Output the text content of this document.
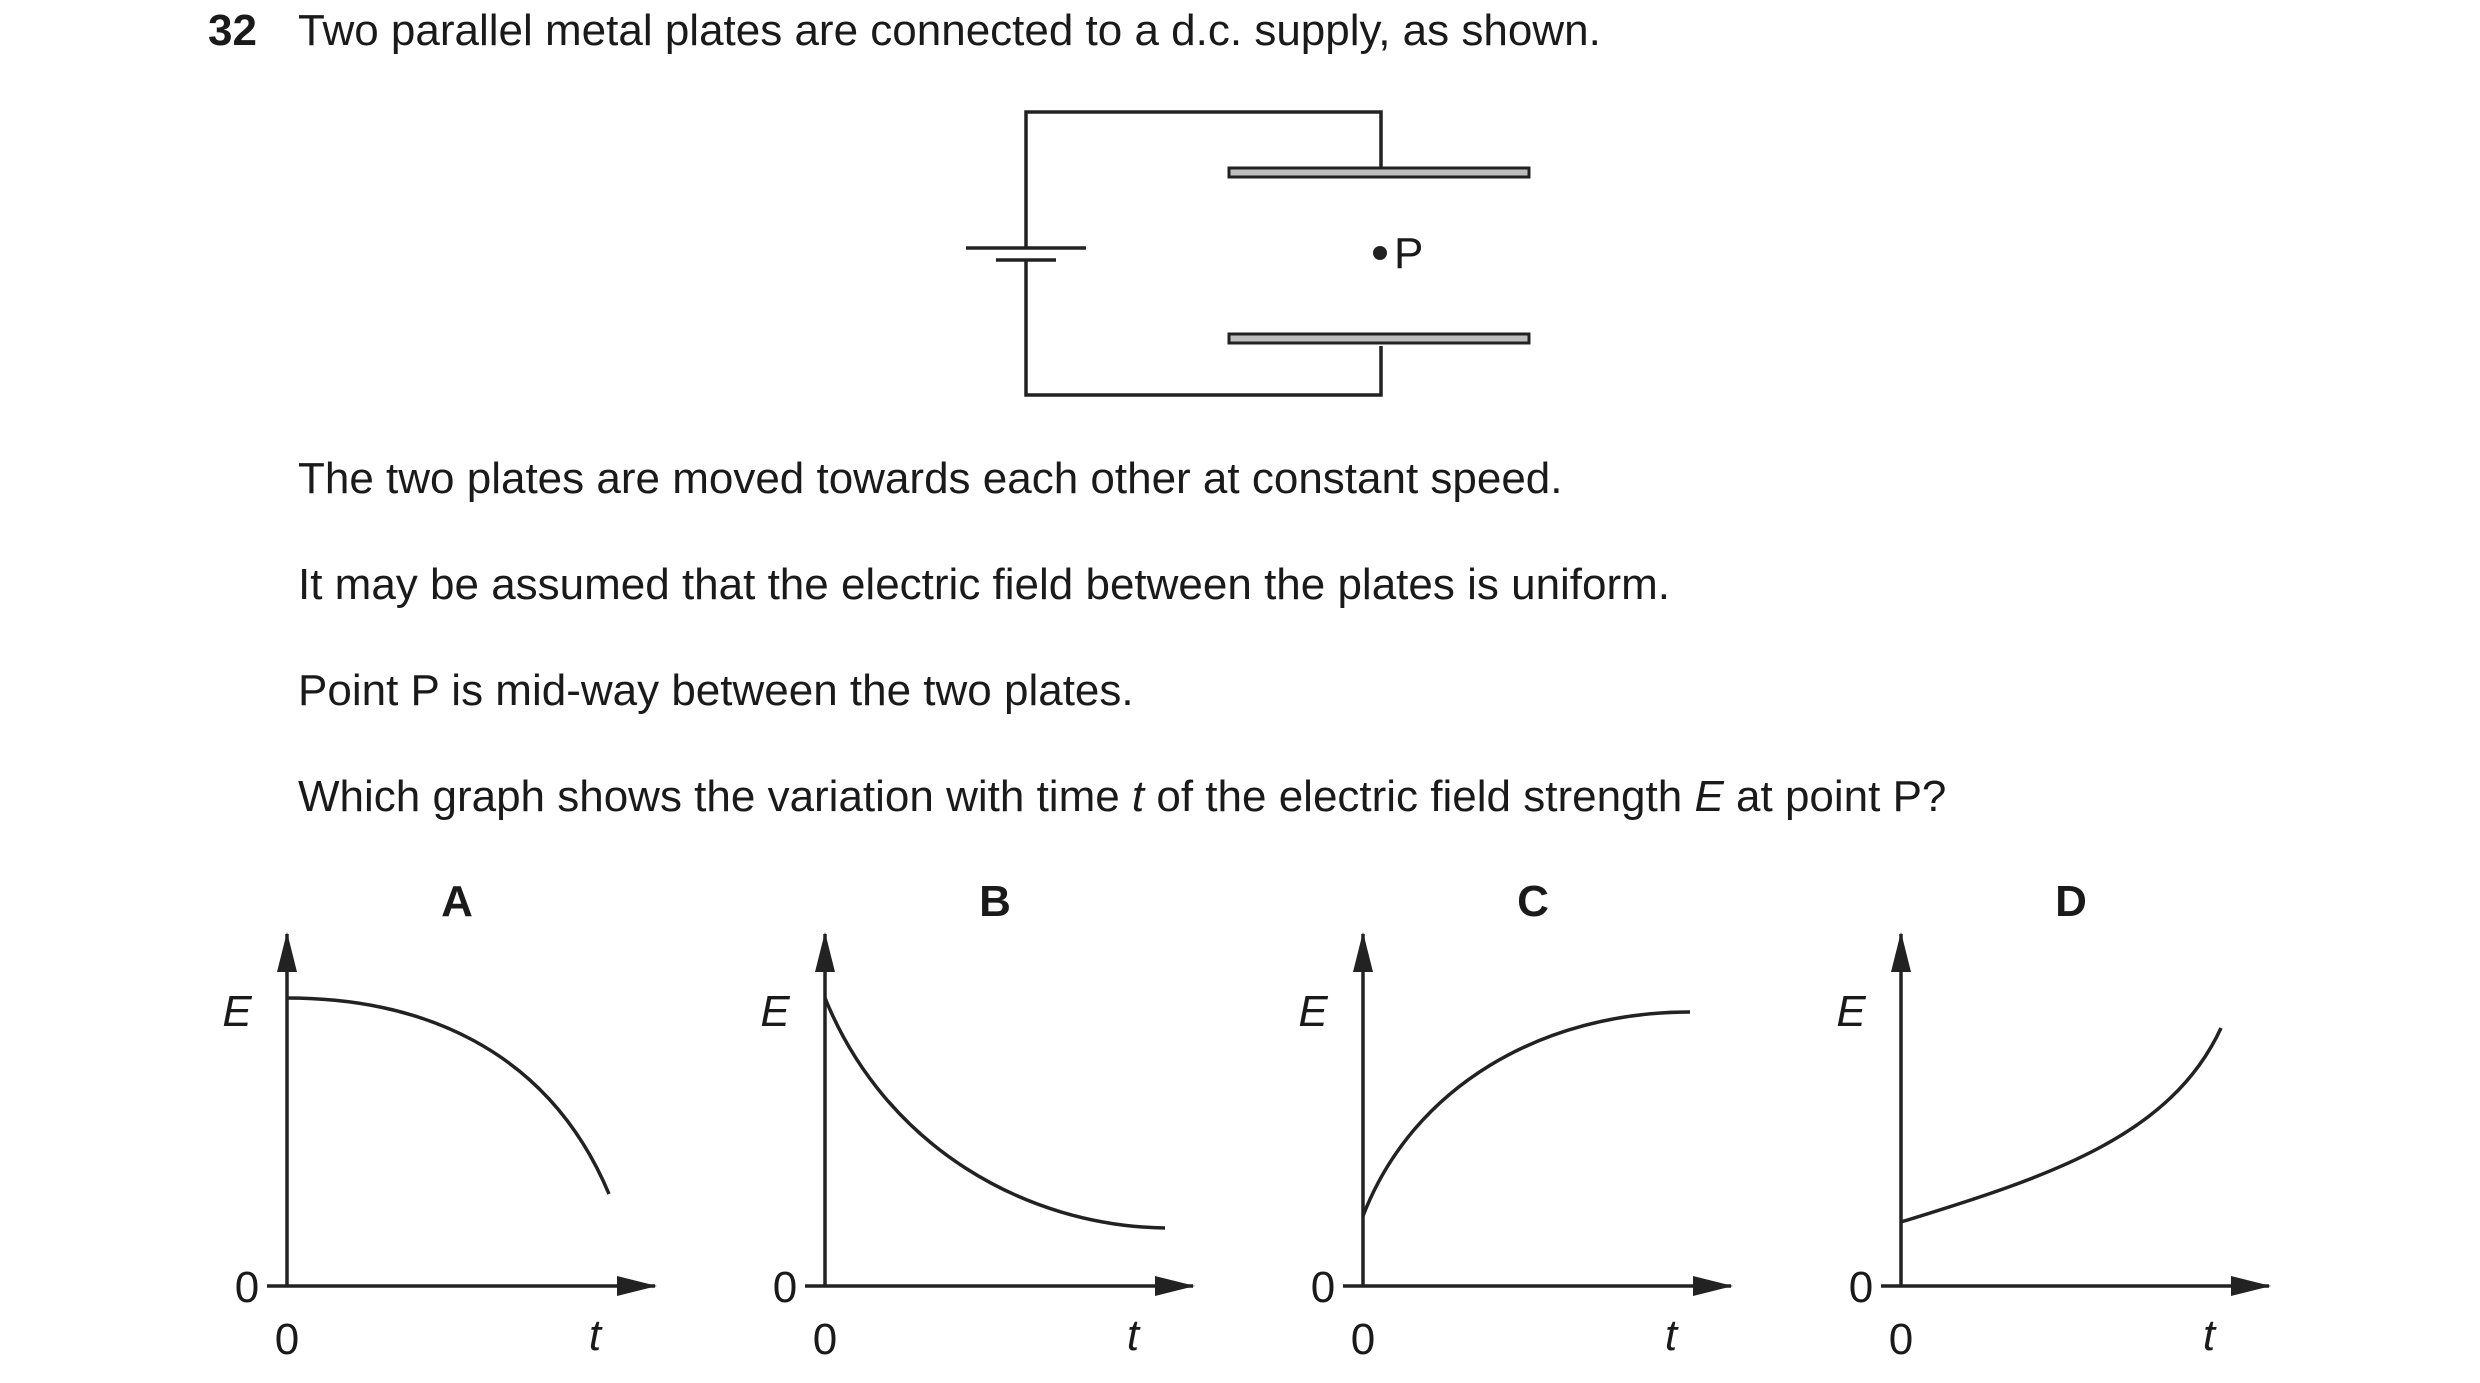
32 Two parallel metal plates are connected to a d.c. supply, as shown.
The two plates are moved towards each other at constant speed.
It may be assumed that the electric field between the plates is uniform.
Point P is mid-way between the two plates.
Which graph shows the variation with time t of the electric field strength E at point P?
P
A
E
0
0	t
B
E
0
0	t
C
E
0
0	t
D
E
0
0	t
